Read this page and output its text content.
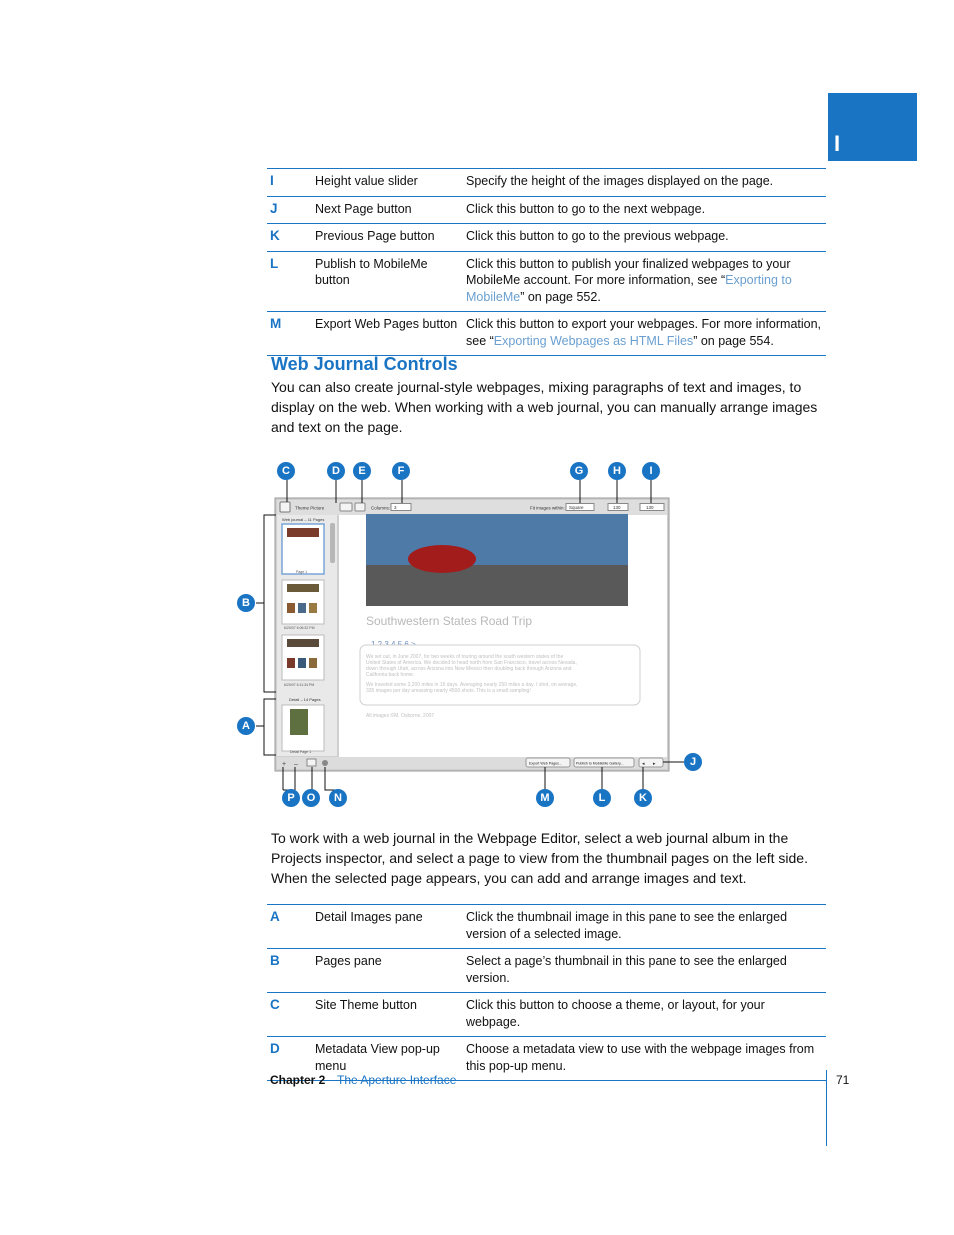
I
I	Height value slider	Specify the height of the images displayed on the page.
J	Next Page button	Click this button to go to the next webpage.
K	Previous Page button	Click this button to go to the previous webpage.
L	Publish to MobileMe button	Click this button to publish your finalized webpages to your MobileMe account. For more information, see “Exporting to MobileMe” on page 552.
M	Export Web Pages button	Click this button to export your webpages. For more information, see “Exporting Webpages as HTML Files” on page 554.
Web Journal Controls

You can also create journal-style webpages, mixing paragraphs of text and images, to display on the web. When working with a web journal, you can manually arrange images and text on the page.

Theme Picture	Columns: 3	Fit images within: Square	130	130
Web journal – 11 Pages
Page 1
6/20/07 6:06:32 PM
6/20/07 6:11:34 PM
Detail – 14 Pages
Detail Page 1
Southwestern States Road Trip
We set out, in June 2007, for two weeks of touring around the south western states of the United States of America. We decided to head north from San Francisco, travel across Nevada, down through Utah, across Arizona into New Mexico then doubling back through Arizona and California back home. We traveled some 3,200 miles in 15 days. Averaging nearly 250 miles a day. I shot, on average, 335 images per day amassing nearly 4500 shots. This is a small sampling!
All images ©M. Osborne, 2007
+ –	Export Web Pages...	Publish to MobileMe Gallery...	◂ ▸
C	D	E	F	G	H	I
B
A
J
P	O	N	M	L	K

To work with a web journal in the Webpage Editor, select a web journal album in the Projects inspector, and select a page to view from the thumbnail pages on the left side. When the selected page appears, you can add and arrange images and text.

A	Detail Images pane	Click the thumbnail image in this pane to see the enlarged version of a selected image.
B	Pages pane	Select a page’s thumbnail in this pane to see the enlarged version.
C	Site Theme button	Click this button to choose a theme, or layout, for your webpage.
D	Metadata View pop-up menu	Choose a metadata view to use with the webpage images from this pop-up menu.
Chapter 2 The Aperture Interface	71
